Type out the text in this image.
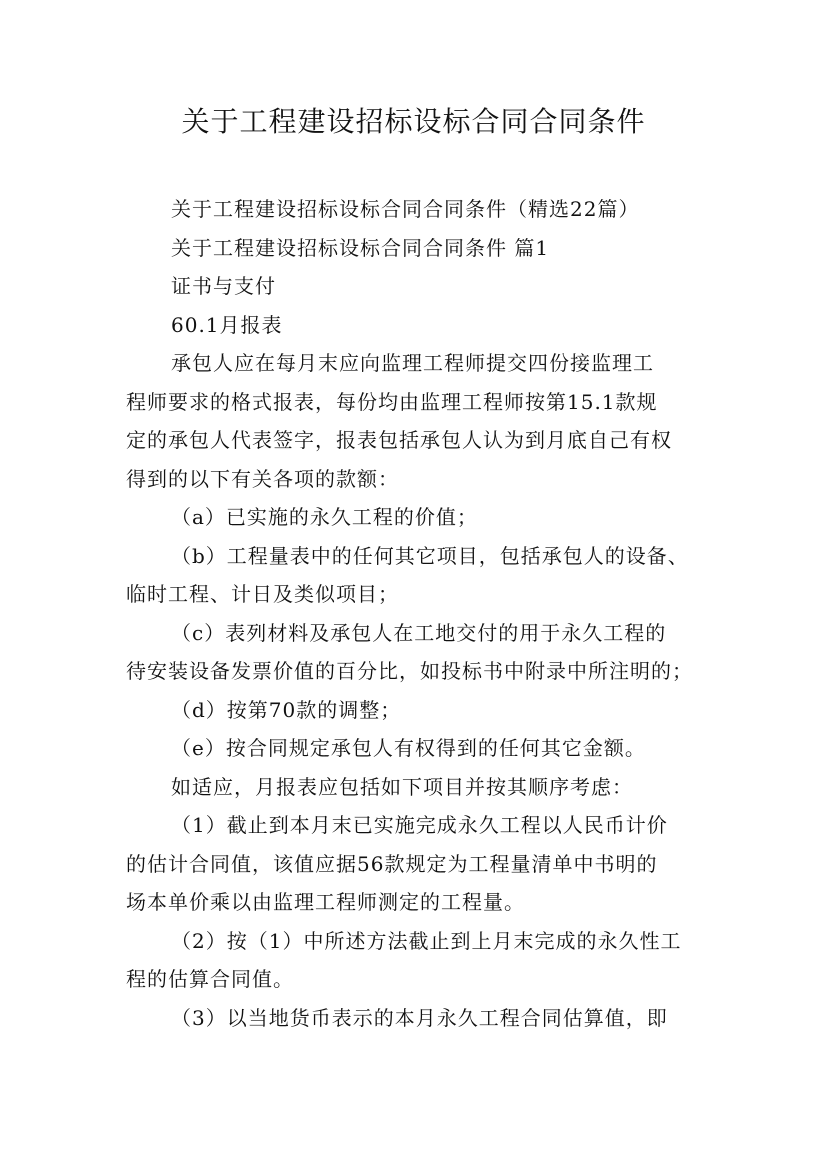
关于工程建设招标设标合同合同条件

关于工程建设招标设标合同合同条件（精选22篇）

关于工程建设招标设标合同合同条件 篇1

证书与支付

60.1月报表

承包人应在每月末应向监理工程师提交四份接监理工

程师要求的格式报表，每份均由监理工程师按第15.1款规

定的承包人代表签字，报表包括承包人认为到月底自己有权

得到的以下有关各项的款额：

（a）已实施的永久工程的价值；

（b）工程量表中的任何其它项目，包括承包人的设备、

临时工程、计日及类似项目；

（c）表列材料及承包人在工地交付的用于永久工程的

待安装设备发票价值的百分比，如投标书中附录中所注明的；

（d）按第70款的调整；

（e）按合同规定承包人有权得到的任何其它金额。

如适应，月报表应包括如下项目并按其顺序考虑：

（1）截止到本月末已实施完成永久工程以人民币计价

的估计合同值，该值应据56款规定为工程量清单中书明的

场本单价乘以由监理工程师测定的工程量。

（2）按（1）中所述方法截止到上月末完成的永久性工

程的估算合同值。

（3）以当地货币表示的本月永久工程合同估算值，即
